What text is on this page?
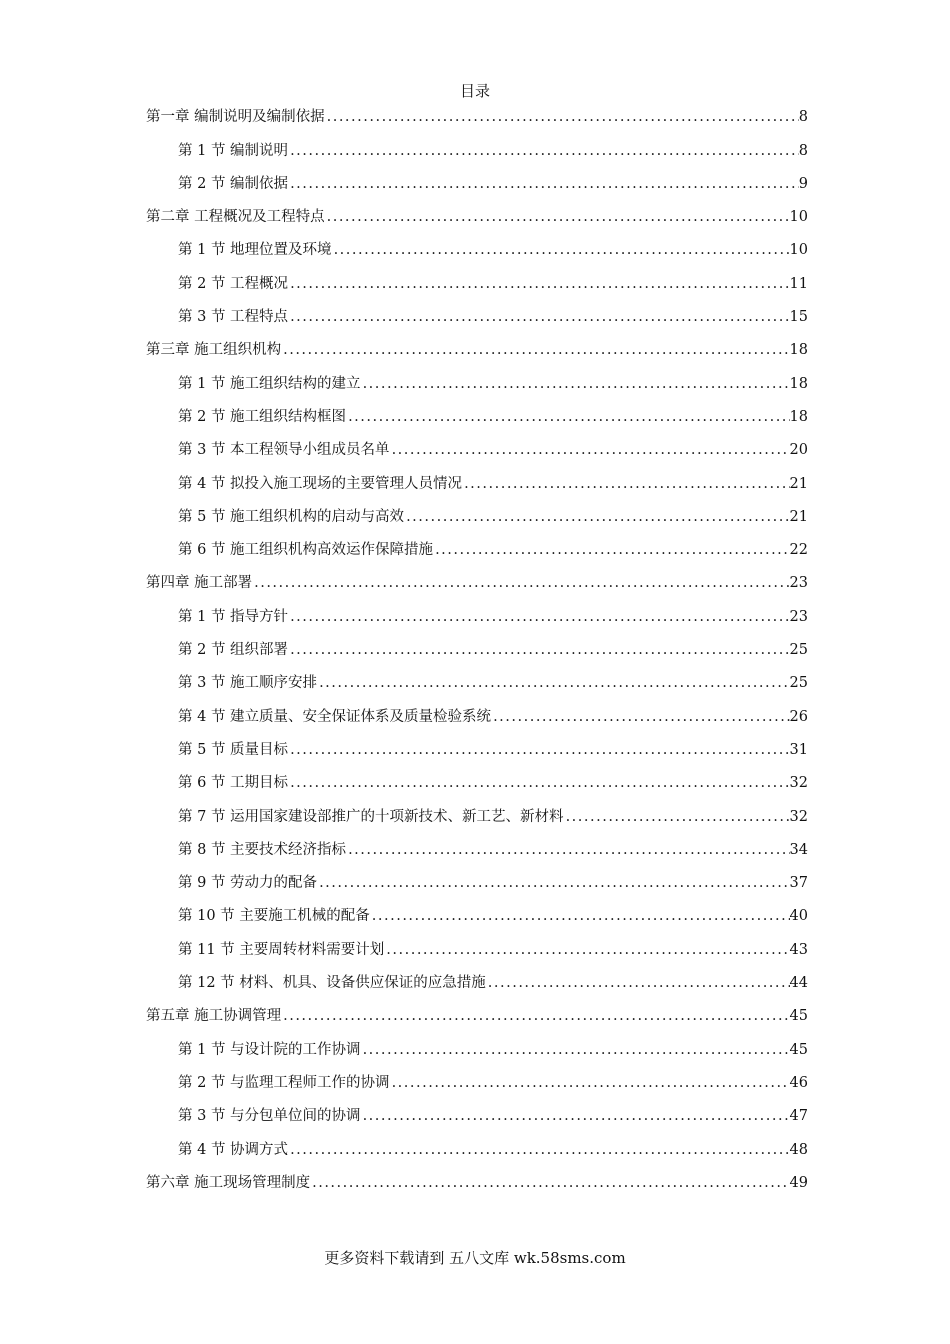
目录
第一章 编制说明及编制依据 .....	8
第 1 节 编制说明 .....	8
第 2 节 编制依据 .....	9
第二章 工程概况及工程特点 .....	10
第 1 节 地理位置及环境 .....	10
第 2 节 工程概况 .....	11
第 3 节 工程特点 .....	15
第三章 施工组织机构 .....	18
第 1 节 施工组织结构的建立 .....	18
第 2 节 施工组织结构框图 .....	18
第 3 节 本工程领导小组成员名单 .....	20
第 4 节 拟投入施工现场的主要管理人员情况 .....	21
第 5 节 施工组织机构的启动与高效 .....	21
第 6 节 施工组织机构高效运作保障措施 .....	22
第四章 施工部署 .....	23
第 1 节 指导方针 .....	23
第 2 节 组织部署 .....	25
第 3 节 施工顺序安排 .....	25
第 4 节 建立质量、安全保证体系及质量检验系统 .....	26
第 5 节 质量目标 .....	31
第 6 节 工期目标 .....	32
第 7 节 运用国家建设部推广的十项新技术、新工艺、新材料 .....	32
第 8 节 主要技术经济指标 .....	34
第 9 节 劳动力的配备 .....	37
第 10 节 主要施工机械的配备 .....	40
第 11 节 主要周转材料需要计划 .....	43
第 12 节 材料、机具、设备供应保证的应急措施 .....	44
第五章 施工协调管理 .....	45
第 1 节 与设计院的工作协调 .....	45
第 2 节 与监理工程师工作的协调 .....	46
第 3 节 与分包单位间的协调 .....	47
第 4 节 协调方式 .....	48
第六章 施工现场管理制度 .....	49
更多资料下载请到 五八文库 wk.58sms.com
